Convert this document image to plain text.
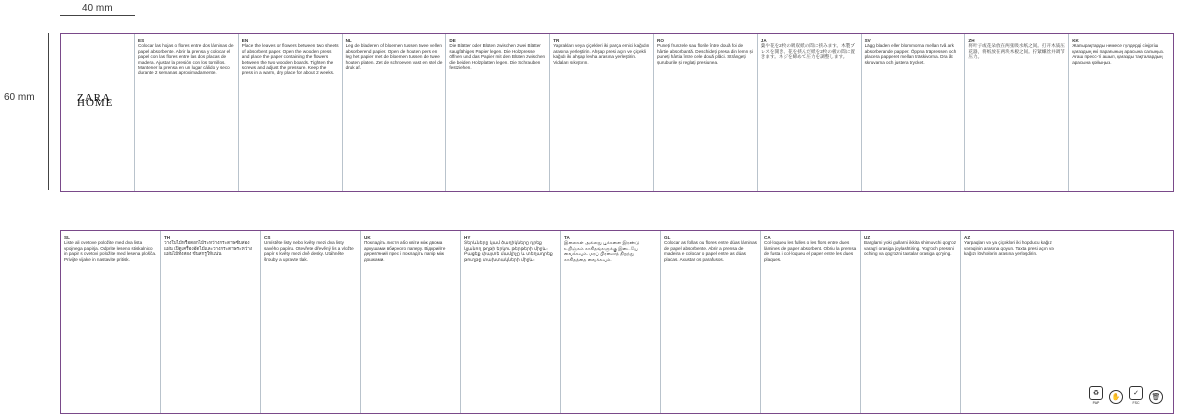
40 mm
60 mm	ZARA HOME
ES
Colocar las hojas o flores entre dos láminas de papel absorbente. Abrir la prensa y colocar el papel con las flores entre las dos placas de madera. Ajustar la presión con los tornillos. Mantener la prensa en un lugar cálido y seco durante 2 semanas aproximadamente.
EN
Place the leaves or flowers between two sheets of absorbent paper. Open the wooden press and place the paper containing the flowers between the two wooden boards. Tighten the screws and adjust the pressure. Keep the press in a warm, dry place for about 2 weeks.
NL
Leg de bladeren of bloemen tussen twee vellen absorberend papier. Open de houten pers en leg het papier met de bloemen tussen de twee houten platen. Zet de schroeven vast en stel de druk af.
DE
Die Blätter oder Blüten zwischen zwei Blätter saugfähiges Papier legen. Die Holzpresse öffnen und das Papier mit den Blüten zwischen die beiden Holzplatten legen. Die Schrauben festziehen.
TR
Yaprakları veya çiçekleri iki parça emici kağıdın arasına yerleştirin. Ahşap presi açın ve çiçekli kağıdı iki ahşap levha arasına yerleştirin. Vidaları sıkıştırın.
RO
Puneți frunzele sau florile între două foi de hârtie absorbantă. Deschideți presa din lemn și puneți hârtia între cele două plăci. Strângeți șuruburile și reglați presiunea.
JA
葉や花を2枚の吸収紙の間に挟みます。木製プレスを開き、花を挟んだ紙を2枚の板の間に置きます。ネジを締めて圧力を調整します。
SV
Lägg bladen eller blommorna mellan två ark absorberande papper. Öppna träpressen och placera papperet mellan träskivorna. Dra åt skruvarna och justera trycket.
ZH
将叶子或花朵放在两张吸水纸之间。打开木质压花器，将纸放在两块木板之间。拧紧螺丝并调节压力。
KK
Жапырақтарды немесе гүлдерді сіңіргіш қағаздың екі парағының арасына салыңыз. Ағаш пресс-ті ашып, қағазды тақталардың арасына қойыңыз.
SL
Liste ali cvetove položite med dva lista vpojnega papirja. Odprite leseno stiskalnico in papir s cvetovi položite med lesena plošča. Privijte vijake in nastavite pritisk.
TH
วางใบไม้หรือดอกไม้ระหว่างกระดาษซับสองแผ่น เปิดเครื่องอัดไม้และวางกระดาษระหว่างแผ่นไม้ทั้งสอง ขันสกรูให้แน่น
CS
Umístěte listy nebo květy mezi dva listy savého papíru. Otevřete dřevěný lis a vložte papír s květy mezi dvě desky. Utáhněte šrouby a upravte tlak.
UK
Покладіть листя або квіти між двома аркушами вбирного паперу. Відкрийте дерев'яний прес і покладіть папір між дошками.
HY
Տերևները կամ ծաղիկները դրեք կլանող թղթի երկու թերթերի միջև։ Բացեք փայտե մամլիչը և տեղադրեք թուղթը տախտակների միջև։
TA
இலைகள் அல்லது பூக்களை இரண்டு உறிஞ்சும் காகிதங்களுக்கு இடையே வைக்கவும். மரப் பிரஸைத் திறந்து காகிதத்தை வைக்கவும்.
GL
Colocar as follas ou flores entre dúas láminas de papel absorbente. Abrir a prensa de madeira e colocar o papel entre as dúas placas. Axustar os parafusos.
CA
Col·loqueu les fulles o les flors entre dues làmines de paper absorbent. Obriu la premsa de fusta i col·loqueu el paper entre les dues plaques.
UZ
Barglarni yoki gullarni ikkita shimuvchi qog'oz varag'i orasiga joylashtiring. Yog'och pressni oching va qog'ozni taxtalar orasiga qo'ying.
AZ
Yarpaqları və ya çiçəkləri iki hopducu kağız vərəqinin arasına qoyun. Taxta presi açın və kağızı lövhələrin arasına yerləşdirin.
♻
PAP
✋
✓
FSC
🗑
